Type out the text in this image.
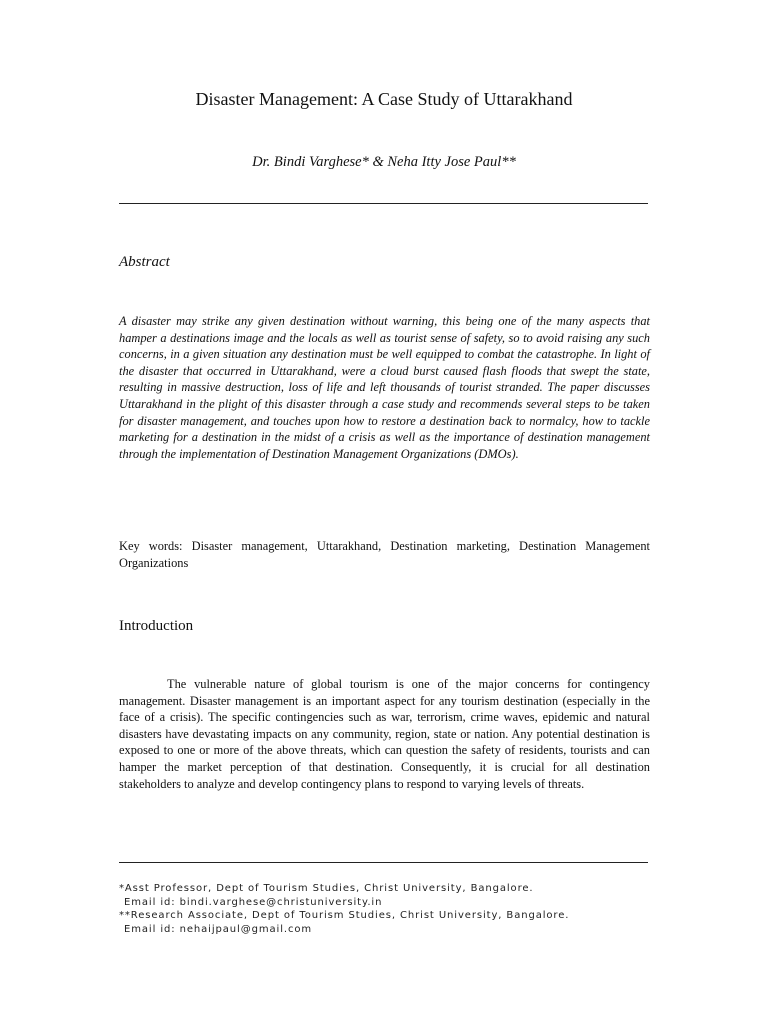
Disaster Management: A Case Study of Uttarakhand
Dr. Bindi Varghese* & Neha Itty Jose Paul**
Abstract
A disaster may strike any given destination without warning, this being one of the many aspects that hamper a destinations image and the locals as well as tourist sense of safety, so to avoid raising any such concerns, in a given situation any destination must be well equipped to combat the catastrophe. In light of the disaster that occurred in Uttarakhand, were a cloud burst caused flash floods that swept the state, resulting in massive destruction, loss of life and left thousands of tourist stranded. The paper discusses Uttarakhand in the plight of this disaster through a case study and recommends several steps to be taken for disaster management, and touches upon how to restore a destination back to normalcy, how to tackle marketing for a destination in the midst of a crisis as well as the importance of destination management through the implementation of Destination Management Organizations (DMOs).
Key words: Disaster management, Uttarakhand, Destination marketing, Destination Management Organizations
Introduction
The vulnerable nature of global tourism is one of the major concerns for contingency management. Disaster management is an important aspect for any tourism destination (especially in the face of a crisis). The specific contingencies such as war, terrorism, crime waves, epidemic and natural disasters have devastating impacts on any community, region, state or nation. Any potential destination is exposed to one or more of the above threats, which can question the safety of residents, tourists and can hamper the market perception of that destination. Consequently, it is crucial for all destination stakeholders to analyze and develop contingency plans to respond to varying levels of threats.
*Asst Professor, Dept of Tourism Studies, Christ University, Bangalore.
Email id: bindi.varghese@christuniversity.in
**Research Associate, Dept of Tourism Studies, Christ University, Bangalore.
Email id: nehaijpaul@gmail.com
